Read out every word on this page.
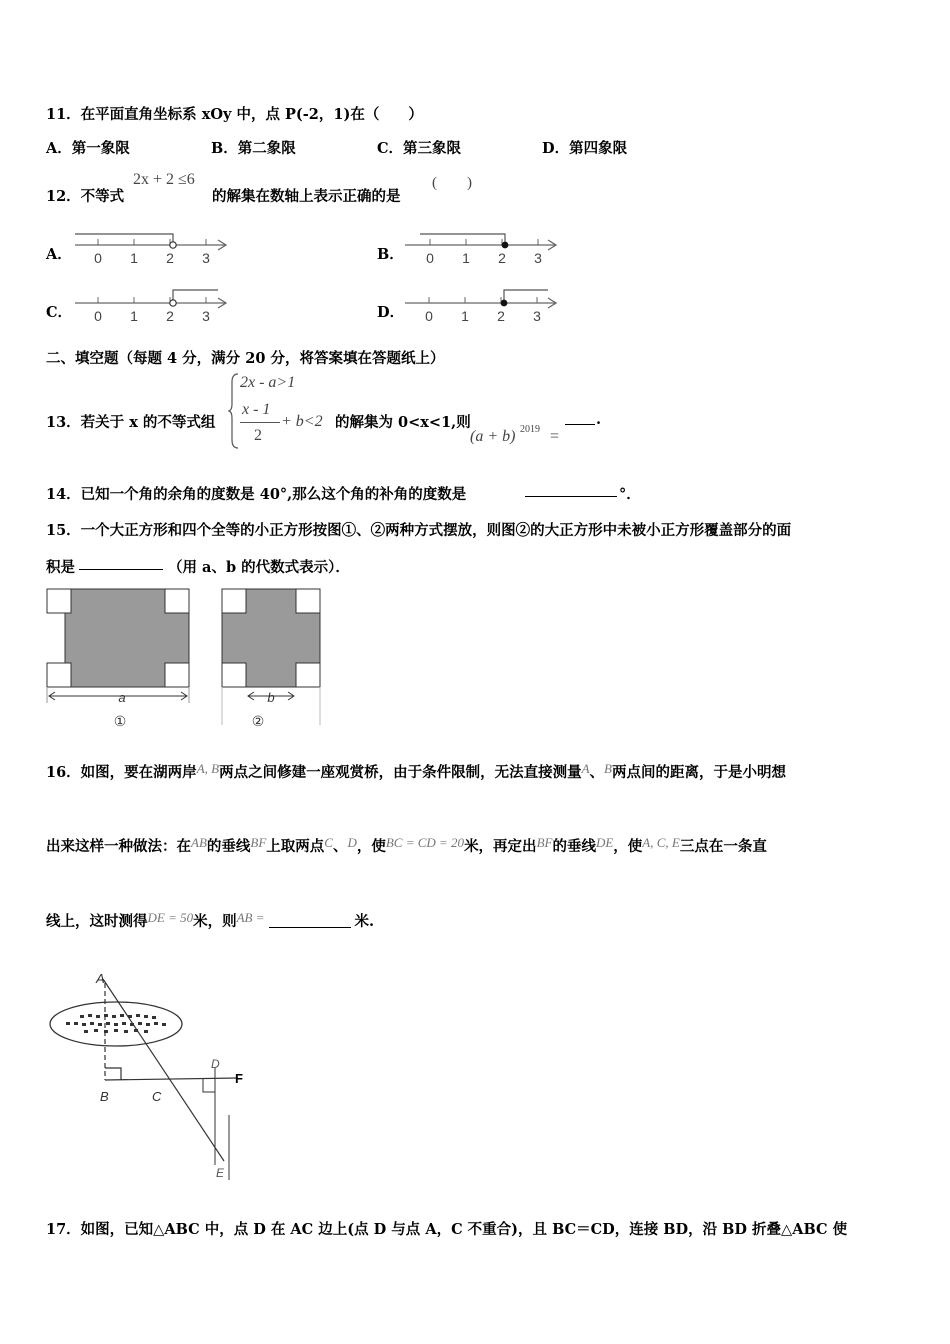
11．在平面直角坐标系 xOy 中，点 P(-2，1)在（　　）
A．第一象限	B．第二象限	C．第三象限	D．第四象限
12．不等式
2x + 2 ≤6	(　　)
的解集在数轴上表示正确的是
A．	B．
C．	D．
0 1 2 3	0 1 2 3
0 1 2 3	0 1 2 3
二、填空题（每题 4 分，满分 20 分，将答案填在答题纸上）
13．若关于 x 的不等式组
2x - a>1
x - 1
2
+ b<2 的解集为 0<x<1,则
(a + b) 2019 =
.
14．已知一个角的余角的度数是 40°,那么这个角的补角的度数是	°．
15．一个大正方形和四个全等的小正方形按图①、②两种方式摆放，则图②的大正方形中未被小正方形覆盖部分的面
积是	（用 a、b 的代数式表示）．
a
①
b
②
16．如图，要在湖两岸A, B两点之间修建一座观赏桥，由于条件限制，无法直接测量A、B两点间的距离，于是小明想
出来这样一种做法：在AB的垂线BF上取两点C、D，使BC = CD = 20米，再定出BF的垂线DE，使A, C, E三点在一条直
线上，这时测得DE = 50米，则AB =	米.
A
B	C
D
F
E
17．如图，已知△ABC 中，点 D 在 AC 边上(点 D 与点 A，C 不重合)，且 BC＝CD，连接 BD，沿 BD 折叠△ABC 使
